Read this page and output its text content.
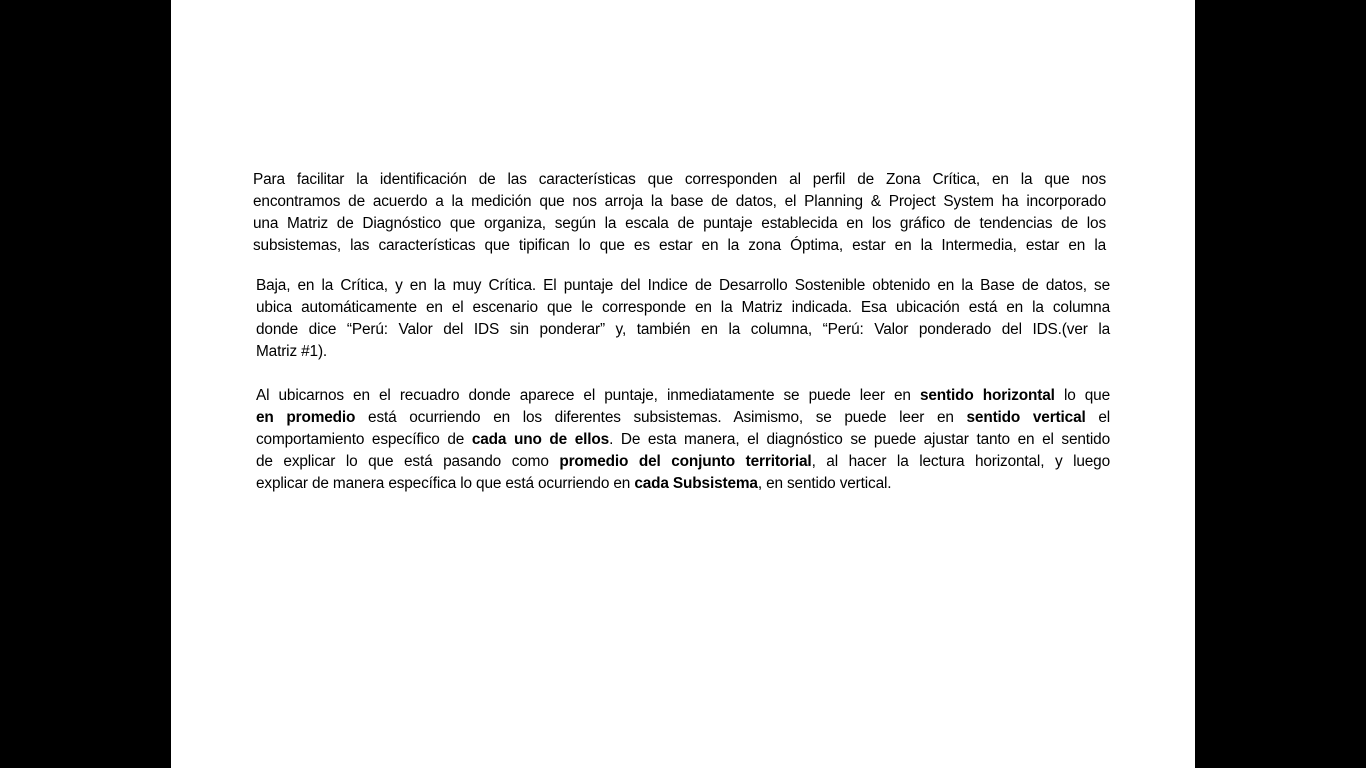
Para facilitar la identificación de las características que corresponden al perfil de Zona Crítica, en la que nos
encontramos de acuerdo a la medición que nos arroja la base de datos, el Planning & Project System ha incorporado
una Matriz de Diagnóstico que organiza, según la escala de puntaje establecida en los gráfico de tendencias de los
subsistemas, las características que tipifican lo que es estar en la zona Óptima, estar en la Intermedia, estar en la
Baja, en la Crítica, y en la muy Crítica. El puntaje del Indice de Desarrollo Sostenible obtenido en la Base de datos, se
ubica automáticamente en el escenario que le corresponde en la Matriz indicada. Esa ubicación está en la columna
donde dice “Perú: Valor del IDS sin ponderar” y, también en la columna, “Perú: Valor ponderado del IDS.(ver la
Matriz #1).
Al ubicarnos en el recuadro donde aparece el puntaje, inmediatamente se puede leer en sentido horizontal lo que
en promedio está ocurriendo en los diferentes subsistemas. Asimismo, se puede leer en sentido vertical el
comportamiento específico de cada uno de ellos. De esta manera, el diagnóstico se puede ajustar tanto en el sentido
de explicar lo que está pasando como promedio del conjunto territorial, al hacer la lectura horizontal, y luego
explicar de manera específica lo que está ocurriendo en cada Subsistema, en sentido vertical.
